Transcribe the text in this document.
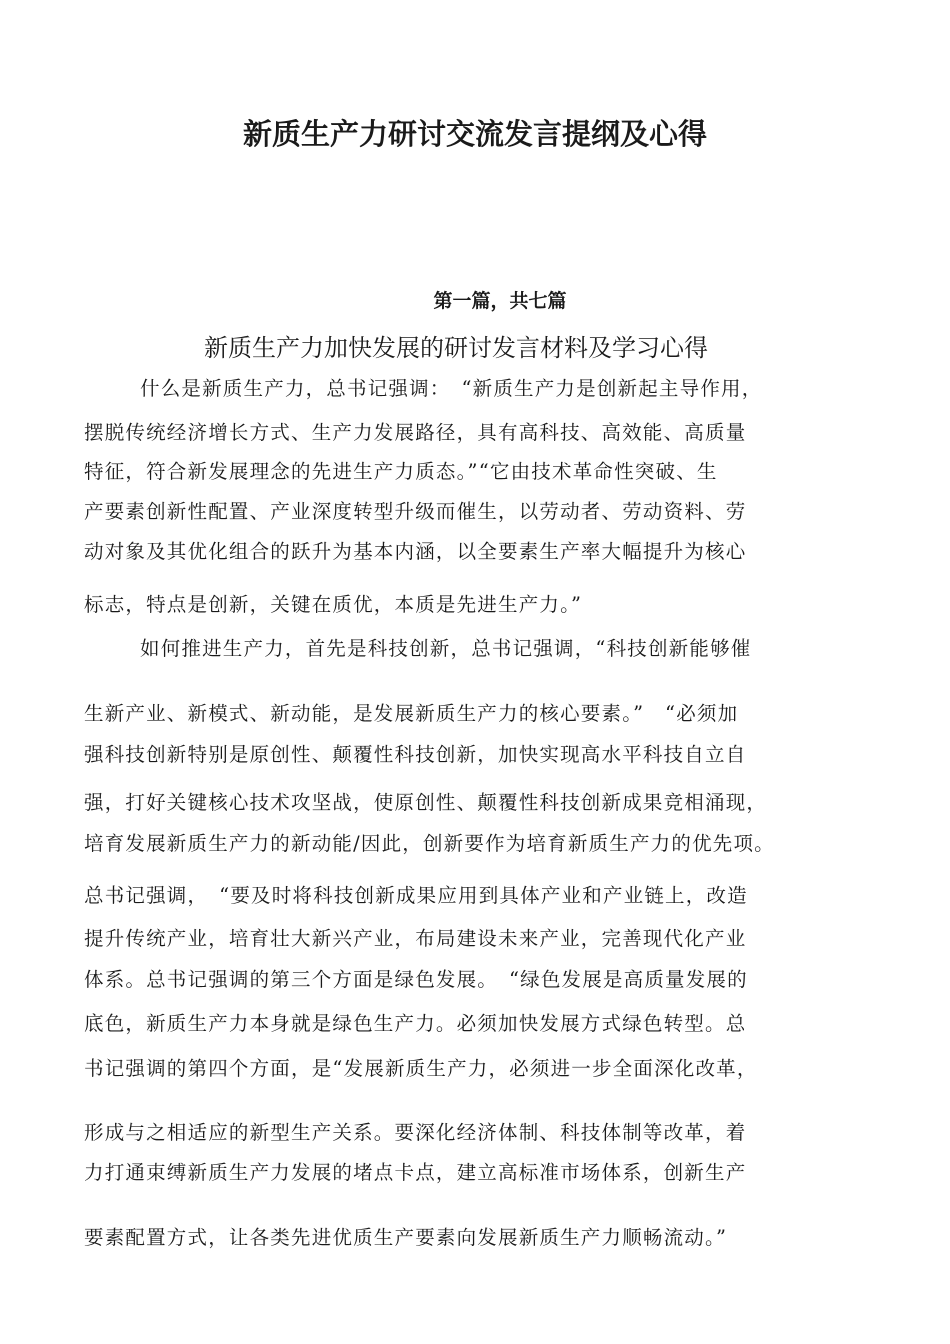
新质生产力研讨交流发言提纲及心得
第一篇，共七篇
新质生产力加快发展的研讨发言材料及学习心得
什么是新质生产力，总书记强调：　“新质生产力是创新起主导作用，
摆脱传统经济增长方式、生产力发展路径，具有高科技、高效能、高质量
特征，符合新发展理念的先进生产力质态。”“它由技术革命性突破、生
产要素创新性配置、产业深度转型升级而催生，以劳动者、劳动资料、劳
动对象及其优化组合的跃升为基本内涵，以全要素生产率大幅提升为核心
标志，特点是创新，关键在质优，本质是先进生产力。”
如何推进生产力，首先是科技创新，总书记强调，“科技创新能够催
生新产业、新模式、新动能，是发展新质生产力的核心要素。”　“必须加
强科技创新特别是原创性、颠覆性科技创新，加快实现高水平科技自立自
强，打好关键核心技术攻坚战，使原创性、颠覆性科技创新成果竞相涌现，
培育发展新质生产力的新动能/因此，创新要作为培育新质生产力的优先项。
总书记强调，　“要及时将科技创新成果应用到具体产业和产业链上，改造
提升传统产业，培育壮大新兴产业，布局建设未来产业，完善现代化产业
体系。总书记强调的第三个方面是绿色发展。　“绿色发展是高质量发展的
底色，新质生产力本身就是绿色生产力。必须加快发展方式绿色转型。总
书记强调的第四个方面，是“发展新质生产力，必须进一步全面深化改革，
形成与之相适应的新型生产关系。要深化经济体制、科技体制等改革，着
力打通束缚新质生产力发展的堵点卡点，建立高标准市场体系，创新生产
要素配置方式，让各类先进优质生产要素向发展新质生产力顺畅流动。”
